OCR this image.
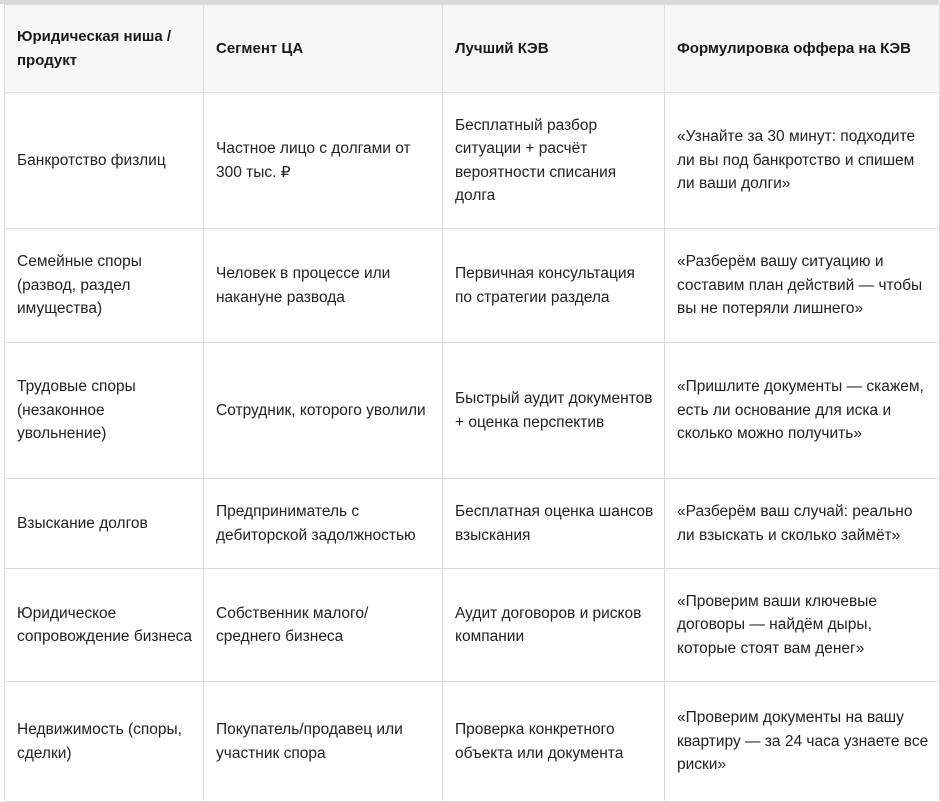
Юридическая ниша / продукт	Сегмент ЦА	Лучший КЭВ	Формулировка оффера на КЭВ
Банкротство физлиц	Частное лицо с долгами от 300 тыс. ₽	Бесплатный разбор ситуации + расчёт вероятности списания долга	«Узнайте за 30 минут: подходите ли вы под банкротство и спишем ли ваши долги»
Семейные споры (развод, раздел имущества)	Человек в процессе или накануне развода	Первичная консультация по стратегии раздела	«Разберём вашу ситуацию и составим план действий — чтобы вы не потеряли лишнего»
Трудовые споры (незаконное увольнение)	Сотрудник, которого уволили	Быстрый аудит документов + оценка перспектив	«Пришлите документы — скажем, есть ли основание для иска и сколько можно получить»
Взыскание долгов	Предприниматель с дебиторской задолжностью	Бесплатная оценка шансов взыскания	«Разберём ваш случай: реально ли взыскать и сколько займёт»
Юридическое сопровождение бизнеса	Собственник малого/среднего бизнеса	Аудит договоров и рисков компании	«Проверим ваши ключевые договоры — найдём дыры, которые стоят вам денег»
Недвижимость (споры, сделки)	Покупатель/продавец или участник спора	Проверка конкретного объекта или документа	«Проверим документы на вашу квартиру — за 24 часа узнаете все риски»
